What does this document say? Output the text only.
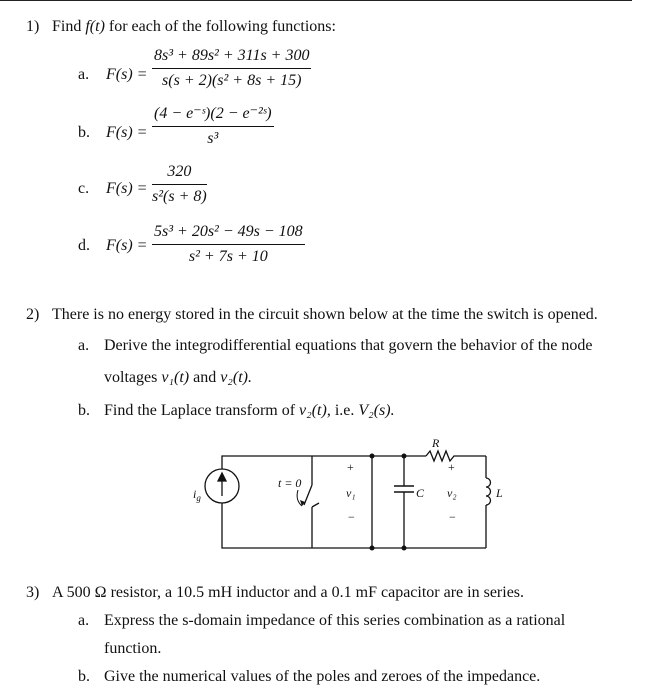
1) Find f(t) for each of the following functions:
a. F(s) =
8s³ + 89s² + 311s + 300
s(s + 2)(s² + 8s + 15)
b. F(s) =
(4 − e⁻ˢ)(2 − e⁻²ˢ)
s³
c. F(s) =
320
s²(s + 8)
d. F(s) =
5s³ + 20s² − 49s − 108
s² + 7s + 10
2) There is no energy stored in the circuit shown below at the time the switch is opened.
a. Derive the integrodifferential equations that govern the behavior of the node
voltages v₁(t) and v₂(t).
b. Find the Laplace transform of v₂(t), i.e. V₂(s).
$i_g$
t = 0
+
v₁
−
C
R
+
v₂
−
L
3) A 500 Ω resistor, a 10.5 mH inductor and a 0.1 mF capacitor are in series.
a. Express the s-domain impedance of this series combination as a rational
function.
b. Give the numerical values of the poles and zeroes of the impedance.
